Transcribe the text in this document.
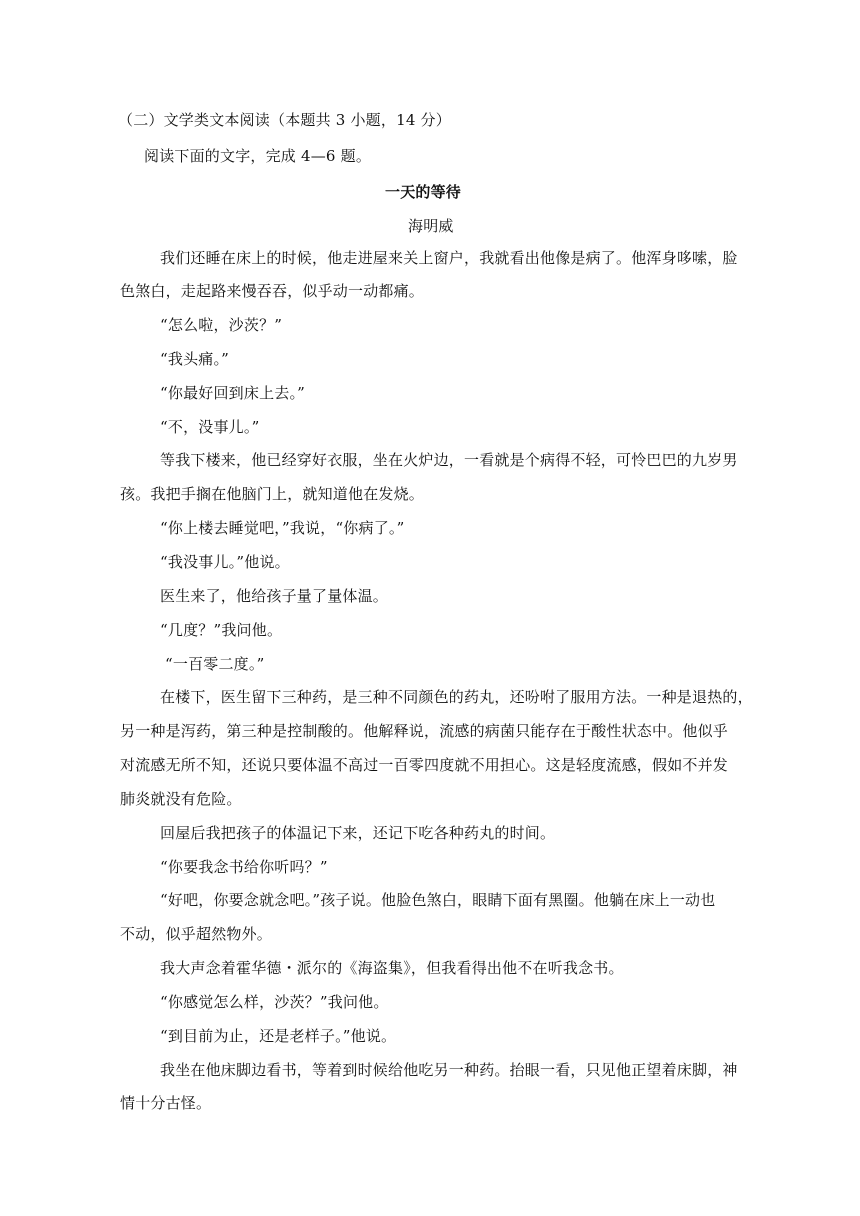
（二）文学类文本阅读（本题共 3 小题，14 分）
阅读下面的文字，完成 4—6 题。
一天的等待
海明威
我们还睡在床上的时候，他走进屋来关上窗户，我就看出他像是病了。他浑身哆嗦，脸
色煞白，走起路来慢吞吞，似乎动一动都痛。
“怎么啦，沙茨？”
“我头痛。”
“你最好回到床上去。”
“不，没事儿。”
等我下楼来，他已经穿好衣服，坐在火炉边，一看就是个病得不轻，可怜巴巴的九岁男
孩。我把手搁在他脑门上，就知道他在发烧。
“你上楼去睡觉吧，”我说，“你病了。”
“我没事儿。”他说。
医生来了，他给孩子量了量体温。
“几度？”我问他。
“一百零二度。”
在楼下，医生留下三种药，是三种不同颜色的药丸，还吩咐了服用方法。一种是退热的，
另一种是泻药，第三种是控制酸的。他解释说，流感的病菌只能存在于酸性状态中。他似乎
对流感无所不知，还说只要体温不高过一百零四度就不用担心。这是轻度流感，假如不并发
肺炎就没有危险。
回屋后我把孩子的体温记下来，还记下吃各种药丸的时间。
“你要我念书给你听吗？”
“好吧，你要念就念吧。”孩子说。他脸色煞白，眼睛下面有黑圈。他躺在床上一动也
不动，似乎超然物外。
我大声念着霍华德・派尔的《海盗集》，但我看得出他不在听我念书。
“你感觉怎么样，沙茨？”我问他。
“到目前为止，还是老样子。”他说。
我坐在他床脚边看书，等着到时候给他吃另一种药。抬眼一看，只见他正望着床脚，神
情十分古怪。
